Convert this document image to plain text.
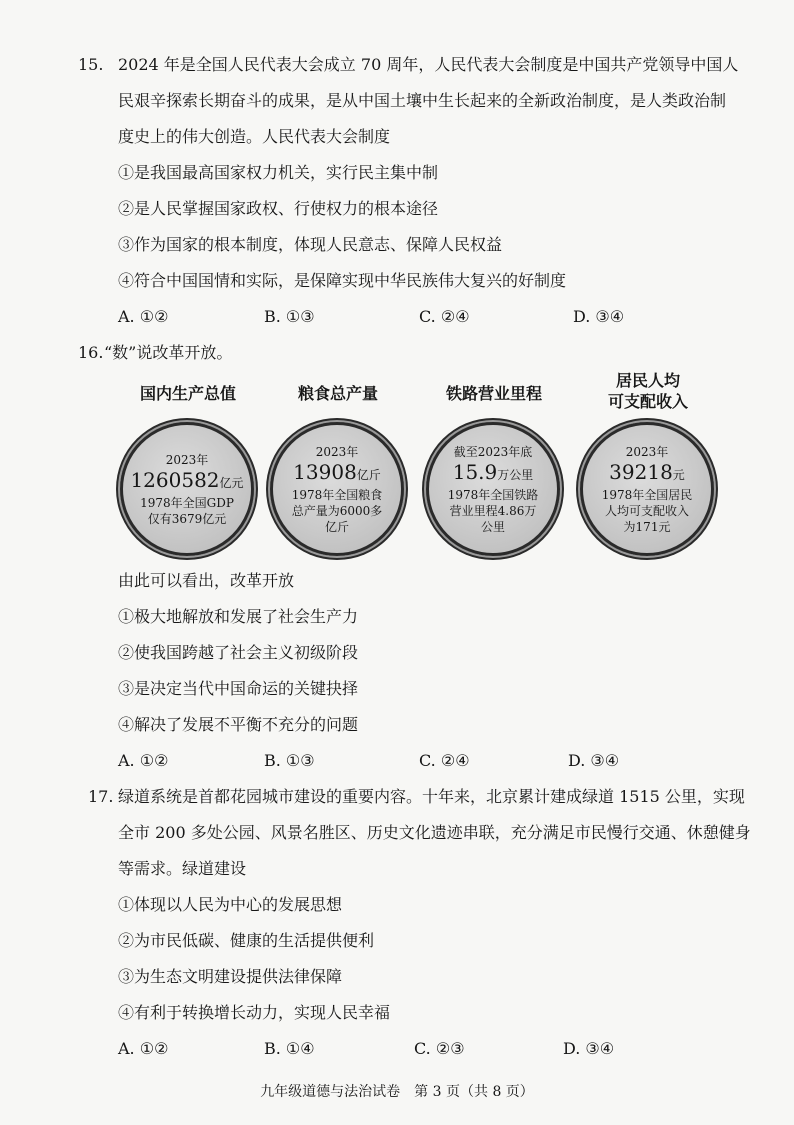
15. 2024 年是全国人民代表大会成立 70 周年，人民代表大会制度是中国共产党领导中国人
民艰辛探索长期奋斗的成果，是从中国土壤中生长起来的全新政治制度，是人类政治制
度史上的伟大创造。人民代表大会制度
①是我国最高国家权力机关，实行民主集中制
②是人民掌握国家政权、行使权力的根本途径
③作为国家的根本制度，体现人民意志、保障人民权益
④符合中国国情和实际，是保障实现中华民族伟大复兴的好制度
A. ①②	B. ①③	C. ②④	D. ③④
16. “数”说改革开放。
国内生产总值
2023年
1260582亿元
1978年全国GDP
仅有3679亿元
粮食总产量
2023年
13908亿斤
1978年全国粮食
总产量为6000多
亿斤
铁路营业里程
截至2023年底
15.9万公里
1978年全国铁路
营业里程4.86万
公里
居民人均
可支配收入
2023年
39218元
1978年全国居民
人均可支配收入
为171元
由此可以看出，改革开放
①极大地解放和发展了社会生产力
②使我国跨越了社会主义初级阶段
③是决定当代中国命运的关键抉择
④解决了发展不平衡不充分的问题
A. ①②	B. ①③	C. ②④	D. ③④
17. 绿道系统是首都花园城市建设的重要内容。十年来，北京累计建成绿道 1515 公里，实现
全市 200 多处公园、风景名胜区、历史文化遗迹串联，充分满足市民慢行交通、休憩健身
等需求。绿道建设
①体现以人民为中心的发展思想
②为市民低碳、健康的生活提供便利
③为生态文明建设提供法律保障
④有利于转换增长动力，实现人民幸福
A. ①②	B. ①④	C. ②③	D. ③④
九年级道德与法治试卷　第 3 页（共 8 页）
